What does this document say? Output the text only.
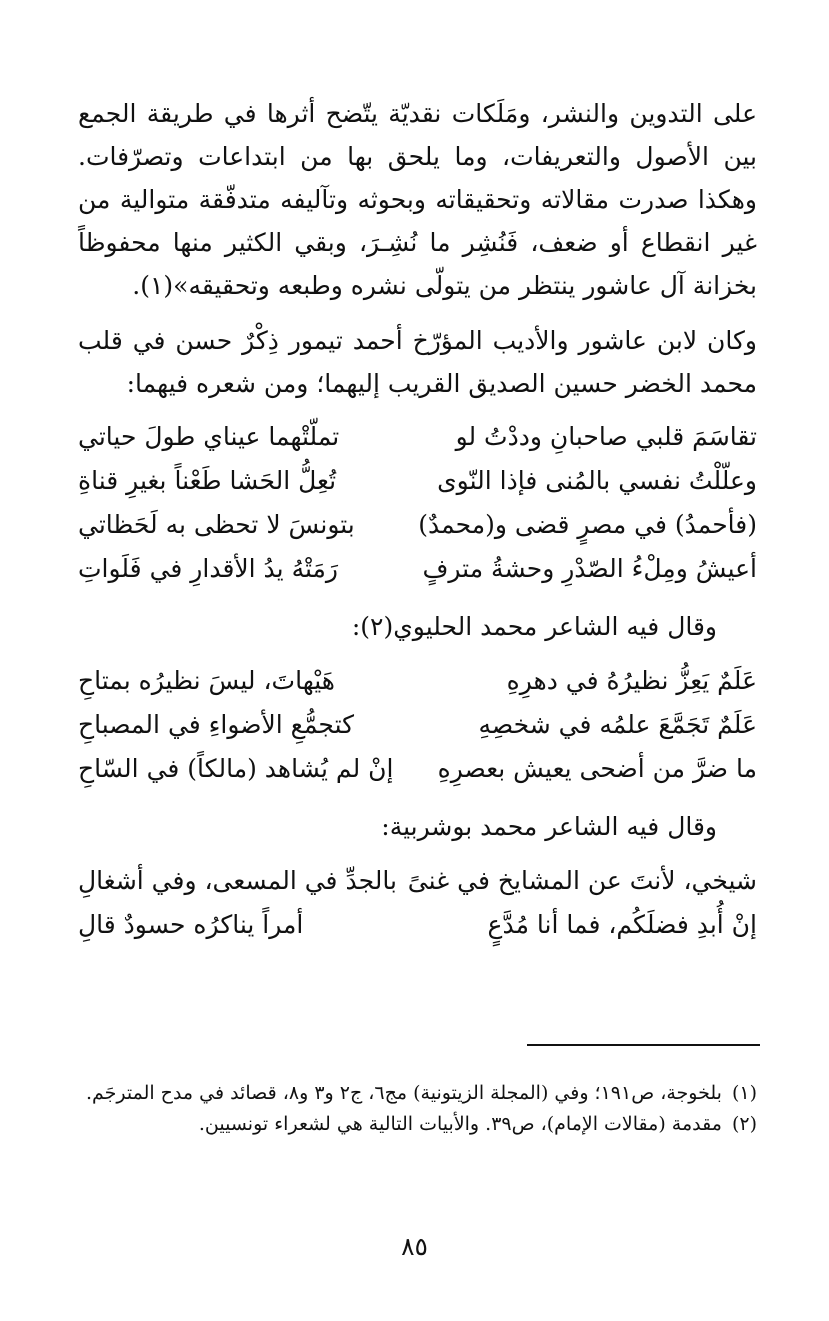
على التدوين والنشر، ومَلَكات نقديّة يتّضح أثرها في طريقة الجمع بين الأصول والتعريفات، وما يلحق بها من ابتداعات وتصرّفات. وهكذا صدرت مقالاته وتحقيقاته وبحوثه وتآليفه متدفّقة متوالية من غير انقطاع أو ضعف، فَنُشِر ما نُشِـرَ، وبقي الكثير منها محفوظاً بخزانة آل عاشور ينتظر من يتولّى نشره وطبعه وتحقيقه»(١).

وكان لابن عاشور والأديب المؤرّخ أحمد تيمور ذِكْرٌ حسن في قلب محمد الخضر حسين الصديق القريب إليهما؛ ومن شعره فيهما:

تقاسَمَ قلبي صاحبانِ وددْتُ لو
تملّتْهما عيناي طولَ حياتي
وعلّلْتُ نفسي بالمُنى فإذا النّوى
تُعِلُّ الحَشا طَعْناً بغيرِ قناةِ
(فأحمدُ) في مصرٍ قضى و(محمدٌ)
بتونسَ لا تحظى به لَحَظاتي
أعيشُ ومِلْءُ الصّدْرِ وحشةُ مترفٍ
رَمَتْهُ يدُ الأقدارِ في فَلَواتِ

وقال فيه الشاعر محمد الحليوي(٢):

عَلَمٌ يَعِزُّ نظيرُهُ في دهرِهِ
هَيْهاتَ، ليسَ نظيرُه بمتاحِ
عَلَمٌ تَجَمَّعَ علمُه في شخصِهِ
كتجمُّعِ الأضواءِ في المصباحِ
ما ضرَّ من أضحى يعيش بعصرِهِ
إنْ لم يُشاهد (مالكاً) في السّاحِ

وقال فيه الشاعر محمد بوشربية:

شيخي، لأنتَ عن المشايخ في غنىً
بالجدِّ في المسعى، وفي أشغالِ
إنْ أُبدِ فضلَكُم، فما أنا مُدَّعٍ
أمراً يناكرُه حسودٌ قالِ

(١)بلخوجة، ص١٩١؛ وفي (المجلة الزيتونية) مج٦، ج٢ و٣ و٨، قصائد في مدح المترجَم.

(٢)مقدمة (مقالات الإمام)، ص٣٩. والأبيات التالية هي لشعراء تونسيين.

٨٥
